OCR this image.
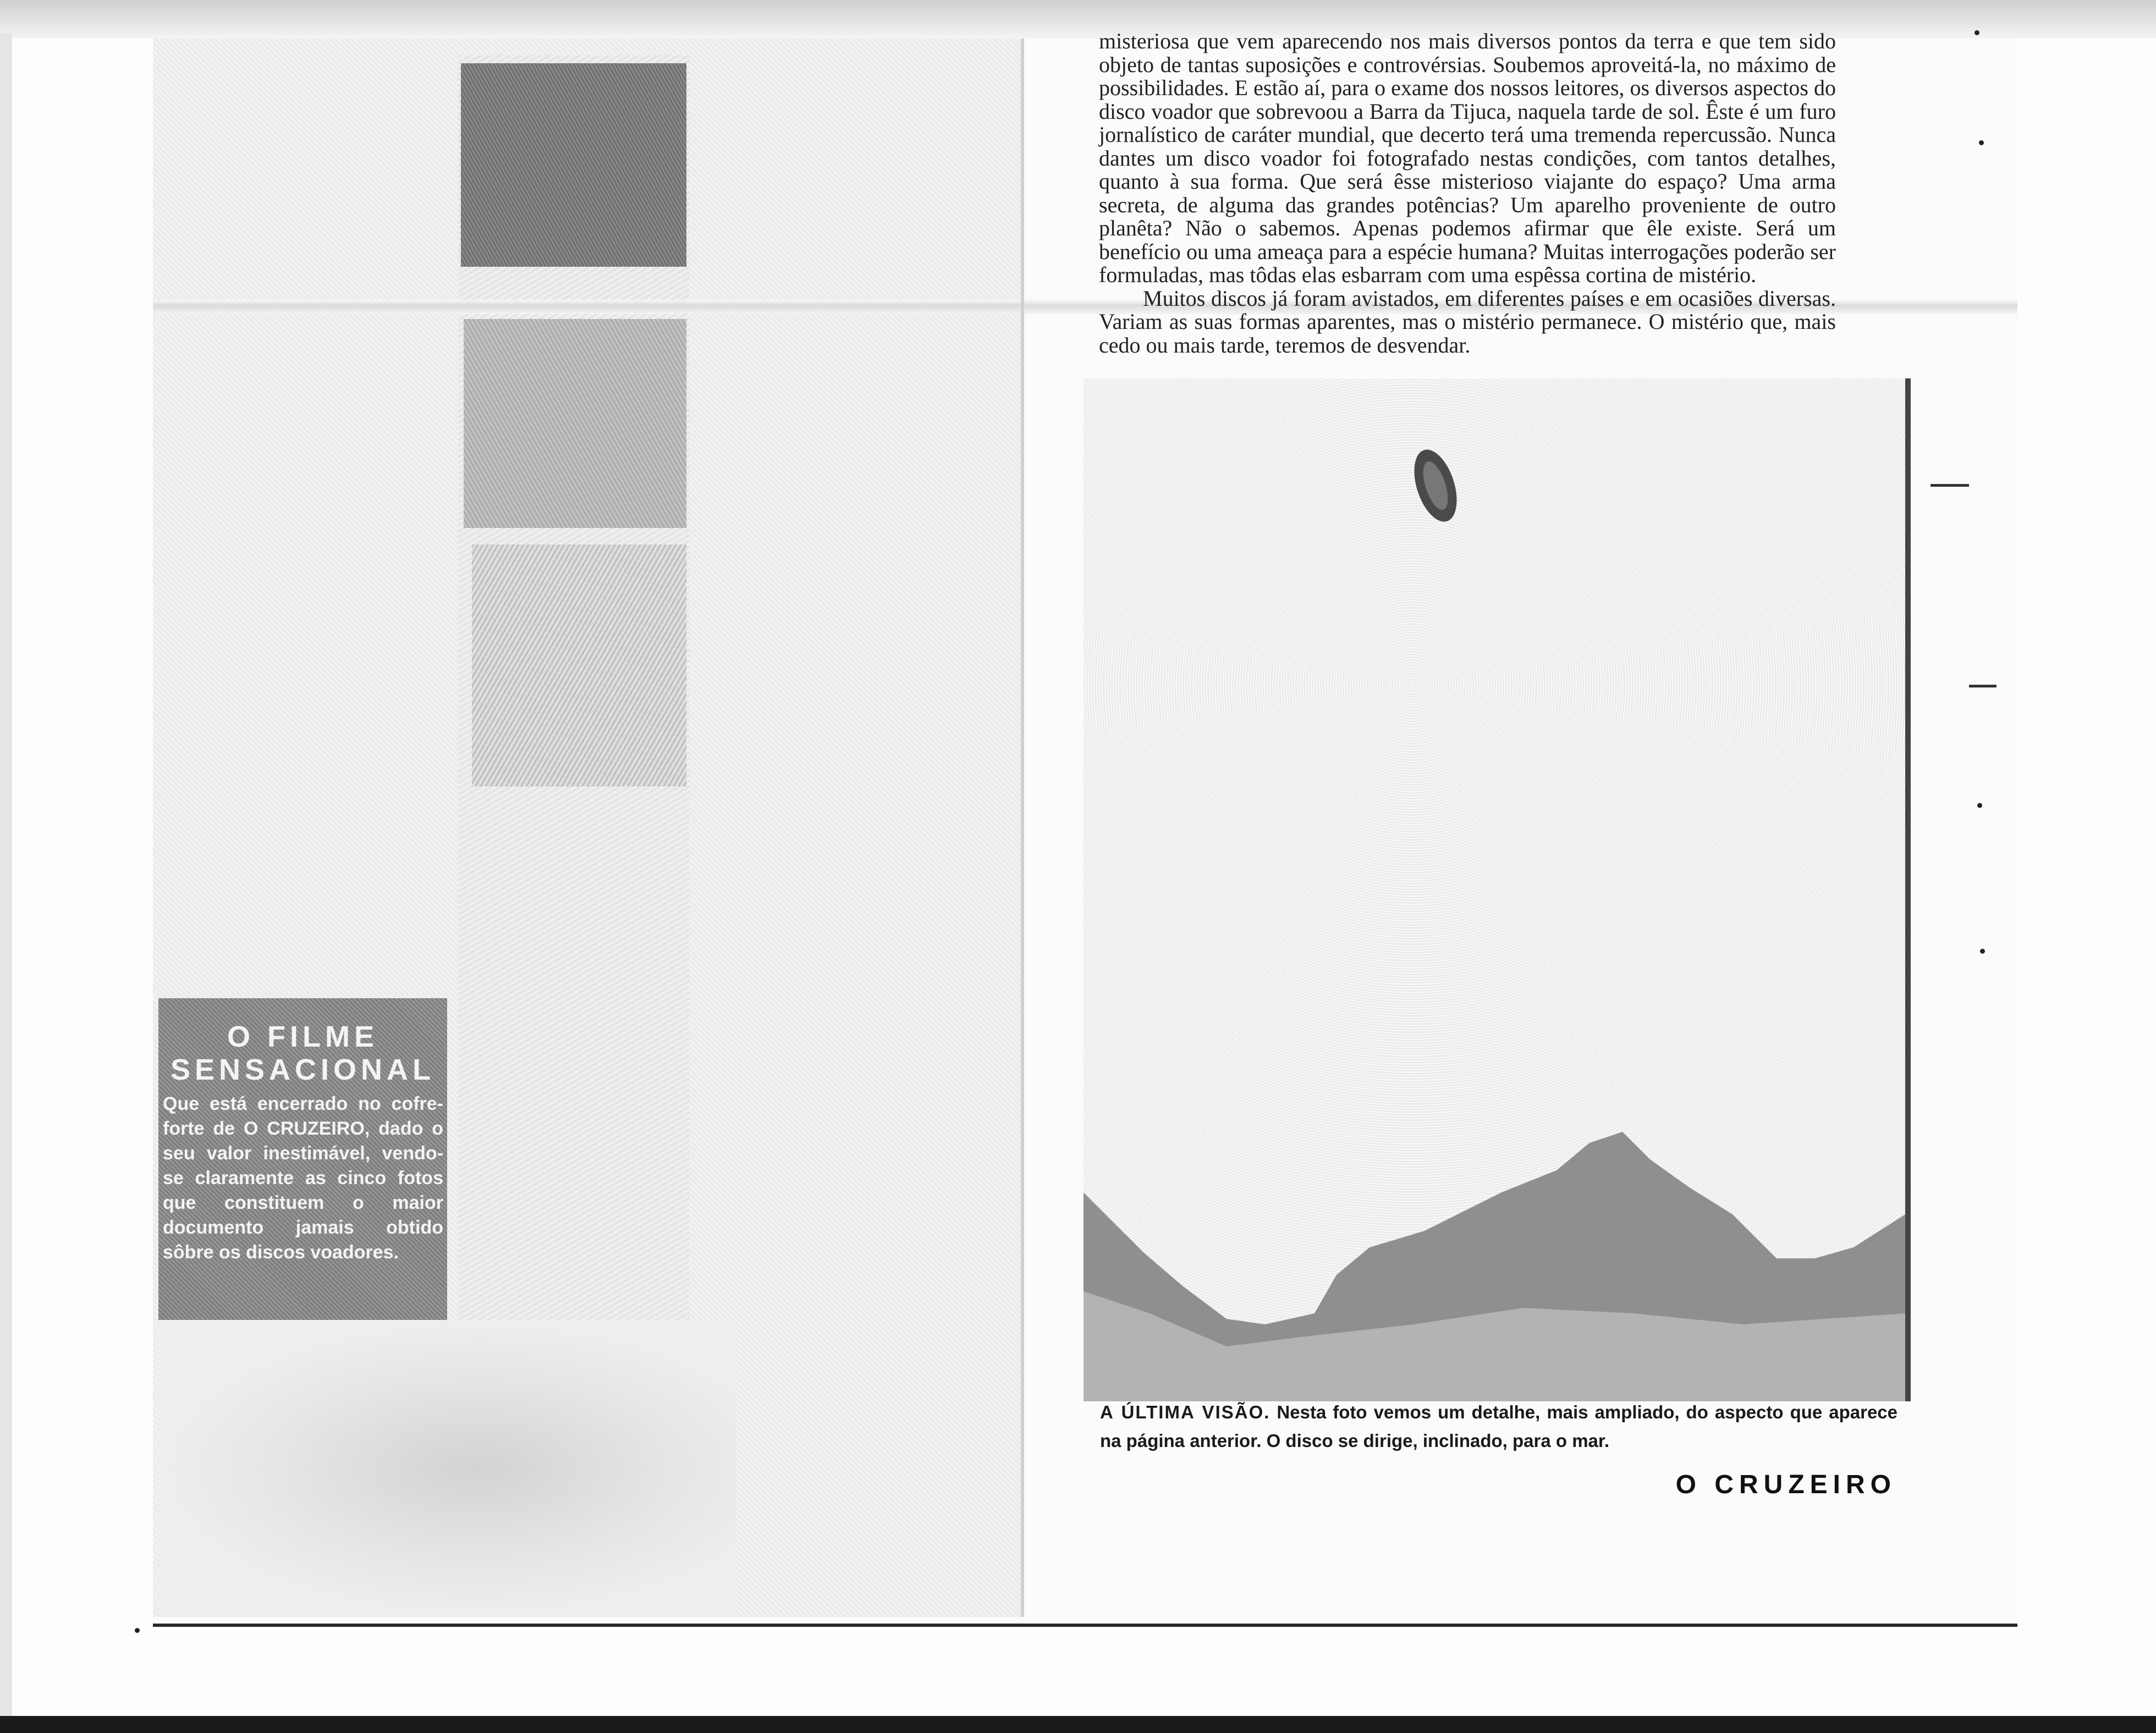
O FILME
SENSACIONAL
Que está encerrado no cofre-forte de O CRUZEIRO, dado o seu valor inestimável, vendo-se claramente as cinco fotos que constituem o maior documento jamais obtido sôbre os discos voadores.

misteriosa que vem aparecendo nos mais diversos pontos da terra e que tem sido objeto de tantas suposições e controvérsias. Soubemos aproveitá-la, no máximo de possibilidades. E estão aí, para o exame dos nossos leitores, os diversos aspectos do disco voador que sobrevoou a Barra da Tijuca, naquela tarde de sol. Êste é um furo jornalístico de caráter mundial, que decerto terá uma tremenda repercussão. Nunca dantes um disco voador foi fotografado nestas condições, com tantos detalhes, quanto à sua forma. Que será êsse misterioso viajante do espaço? Uma arma secreta, de alguma das grandes potências? Um aparelho proveniente de outro planêta? Não o sabemos. Apenas podemos afirmar que êle existe. Será um benefício ou uma ameaça para a espécie humana? Muitas interrogações poderão ser formuladas, mas tôdas elas esbarram com uma espêssa cortina de mistério.

Muitos discos já foram avistados, em diferentes países e em ocasiões diversas. Variam as suas formas aparentes, mas o mistério permanece. O mistério que, mais cedo ou mais tarde, teremos de desvendar.

A ÚLTIMA VISÃO. Nesta foto vemos um detalhe, mais ampliado, do aspecto que aparece na página anterior. O disco se dirige, inclinado, para o mar.
O CRUZEIRO
